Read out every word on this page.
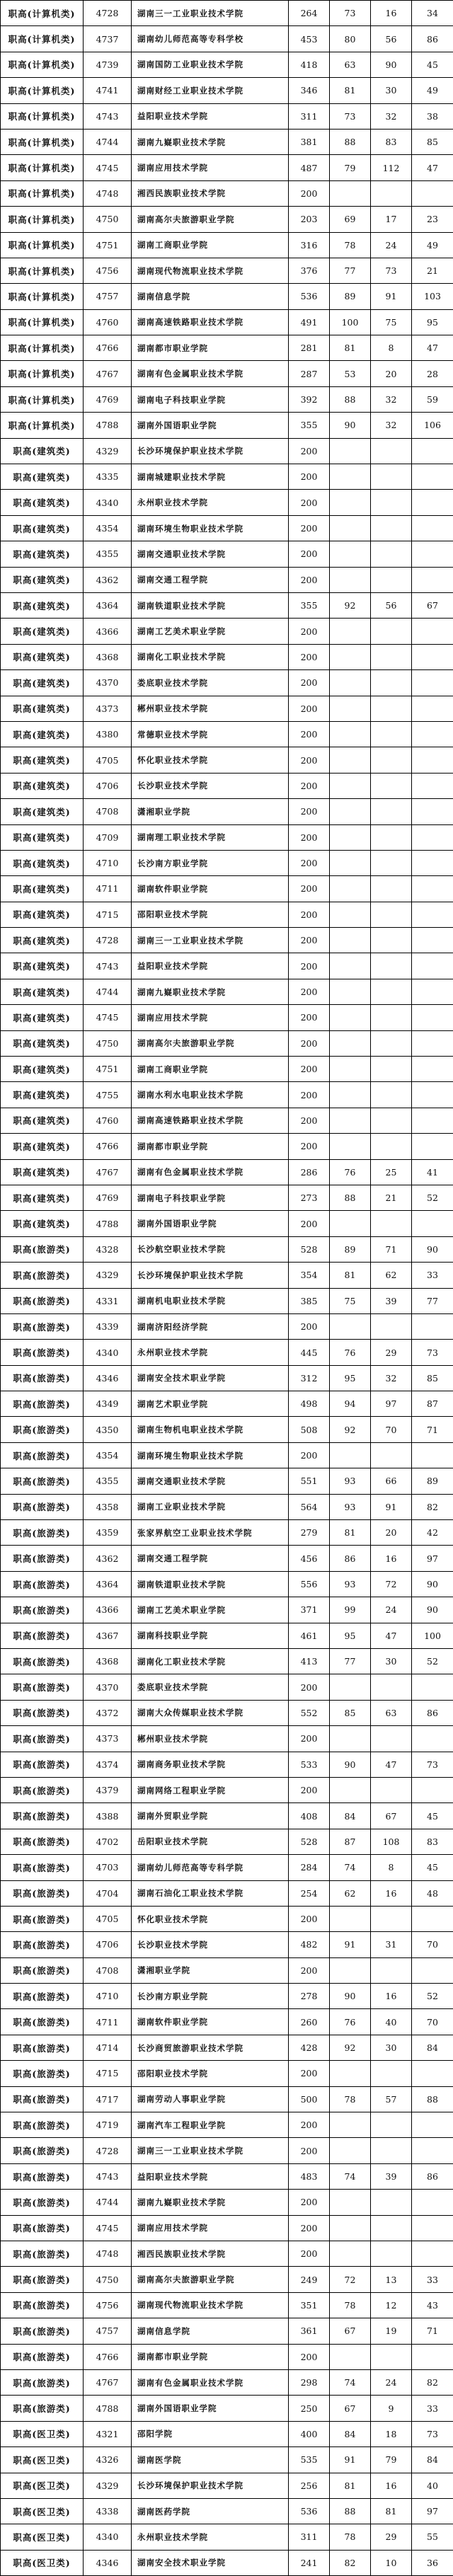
职高(计算机类)	4728	湖南三一工业职业技术学院	264	73	16	34
职高(计算机类)	4737	湖南幼儿师范高等专科学校	453	80	56	86
职高(计算机类)	4739	湖南国防工业职业技术学院	418	63	90	45
职高(计算机类)	4741	湖南财经工业职业技术学院	346	81	30	49
职高(计算机类)	4743	益阳职业技术学院	311	73	32	38
职高(计算机类)	4744	湖南九嶷职业技术学院	381	88	83	85
职高(计算机类)	4745	湖南应用技术学院	487	79	112	47
职高(计算机类)	4748	湘西民族职业技术学院	200			
职高(计算机类)	4750	湖南高尔夫旅游职业学院	203	69	17	23
职高(计算机类)	4751	湖南工商职业学院	316	78	24	49
职高(计算机类)	4756	湖南现代物流职业技术学院	376	77	73	21
职高(计算机类)	4757	湖南信息学院	536	89	91	103
职高(计算机类)	4760	湖南高速铁路职业技术学院	491	100	75	95
职高(计算机类)	4766	湖南都市职业学院	281	81	8	47
职高(计算机类)	4767	湖南有色金属职业技术学院	287	53	20	28
职高(计算机类)	4769	湖南电子科技职业学院	392	88	32	59
职高(计算机类)	4788	湖南外国语职业学院	355	90	32	106
职高(建筑类)	4329	长沙环境保护职业技术学院	200			
职高(建筑类)	4335	湖南城建职业技术学院	200			
职高(建筑类)	4340	永州职业技术学院	200			
职高(建筑类)	4354	湖南环境生物职业技术学院	200			
职高(建筑类)	4355	湖南交通职业技术学院	200			
职高(建筑类)	4362	湖南交通工程学院	200			
职高(建筑类)	4364	湖南铁道职业技术学院	355	92	56	67
职高(建筑类)	4366	湖南工艺美术职业学院	200			
职高(建筑类)	4368	湖南化工职业技术学院	200			
职高(建筑类)	4370	娄底职业技术学院	200			
职高(建筑类)	4373	郴州职业技术学院	200			
职高(建筑类)	4380	常德职业技术学院	200			
职高(建筑类)	4705	怀化职业技术学院	200			
职高(建筑类)	4706	长沙职业技术学院	200			
职高(建筑类)	4708	潇湘职业学院	200			
职高(建筑类)	4709	湖南理工职业技术学院	200			
职高(建筑类)	4710	长沙南方职业学院	200			
职高(建筑类)	4711	湖南软件职业学院	200			
职高(建筑类)	4715	邵阳职业技术学院	200			
职高(建筑类)	4728	湖南三一工业职业技术学院	200			
职高(建筑类)	4743	益阳职业技术学院	200			
职高(建筑类)	4744	湖南九嶷职业技术学院	200			
职高(建筑类)	4745	湖南应用技术学院	200			
职高(建筑类)	4750	湖南高尔夫旅游职业学院	200			
职高(建筑类)	4751	湖南工商职业学院	200			
职高(建筑类)	4755	湖南水利水电职业技术学院	200			
职高(建筑类)	4760	湖南高速铁路职业技术学院	200			
职高(建筑类)	4766	湖南都市职业学院	200			
职高(建筑类)	4767	湖南有色金属职业技术学院	286	76	25	41
职高(建筑类)	4769	湖南电子科技职业学院	273	88	21	52
职高(建筑类)	4788	湖南外国语职业学院	200			
职高(旅游类)	4328	长沙航空职业技术学院	528	89	71	90
职高(旅游类)	4329	长沙环境保护职业技术学院	354	81	62	33
职高(旅游类)	4331	湖南机电职业技术学院	385	75	39	77
职高(旅游类)	4339	湖南济阳经济学院	200			
职高(旅游类)	4340	永州职业技术学院	445	76	29	73
职高(旅游类)	4346	湖南安全技术职业学院	312	95	32	85
职高(旅游类)	4349	湖南艺术职业学院	498	94	97	87
职高(旅游类)	4350	湖南生物机电职业技术学院	508	92	70	71
职高(旅游类)	4354	湖南环境生物职业技术学院	200			
职高(旅游类)	4355	湖南交通职业技术学院	551	93	66	89
职高(旅游类)	4358	湖南工业职业技术学院	564	93	91	82
职高(旅游类)	4359	张家界航空工业职业技术学院	279	81	20	42
职高(旅游类)	4362	湖南交通工程学院	456	86	16	97
职高(旅游类)	4364	湖南铁道职业技术学院	556	93	72	90
职高(旅游类)	4366	湖南工艺美术职业学院	371	99	24	90
职高(旅游类)	4367	湖南科技职业学院	461	95	47	100
职高(旅游类)	4368	湖南化工职业技术学院	413	77	30	52
职高(旅游类)	4370	娄底职业技术学院	200			
职高(旅游类)	4372	湖南大众传媒职业技术学院	552	85	63	86
职高(旅游类)	4373	郴州职业技术学院	200			
职高(旅游类)	4374	湖南商务职业技术学院	533	90	47	73
职高(旅游类)	4379	湖南网络工程职业学院	200			
职高(旅游类)	4388	湖南外贸职业学院	408	84	67	45
职高(旅游类)	4702	岳阳职业技术学院	528	87	108	83
职高(旅游类)	4703	湖南幼儿师范高等专科学院	284	74	8	45
职高(旅游类)	4704	湖南石油化工职业技术学院	254	62	16	48
职高(旅游类)	4705	怀化职业技术学院	200			
职高(旅游类)	4706	长沙职业技术学院	482	91	31	70
职高(旅游类)	4708	潇湘职业学院	200			
职高(旅游类)	4710	长沙南方职业学院	278	90	16	52
职高(旅游类)	4711	湖南软件职业学院	260	76	40	70
职高(旅游类)	4714	长沙商贸旅游职业技术学院	428	92	30	84
职高(旅游类)	4715	邵阳职业技术学院	200			
职高(旅游类)	4717	湖南劳动人事职业学院	500	78	57	88
职高(旅游类)	4719	湖南汽车工程职业学院	200			
职高(旅游类)	4728	湖南三一工业职业技术学院	200			
职高(旅游类)	4743	益阳职业技术学院	483	74	39	86
职高(旅游类)	4744	湖南九嶷职业技术学院	200			
职高(旅游类)	4745	湖南应用技术学院	200			
职高(旅游类)	4748	湘西民族职业技术学院	200			
职高(旅游类)	4750	湖南高尔夫旅游职业学院	249	72	13	33
职高(旅游类)	4756	湖南现代物流职业技术学院	351	78	12	43
职高(旅游类)	4757	湖南信息学院	361	67	19	71
职高(旅游类)	4766	湖南都市职业学院	200			
职高(旅游类)	4767	湖南有色金属职业技术学院	298	74	24	82
职高(旅游类)	4788	湖南外国语职业学院	250	67	9	33
职高(医卫类)	4321	邵阳学院	400	84	18	73
职高(医卫类)	4326	湖南医学院	535	91	79	84
职高(医卫类)	4329	长沙环境保护职业技术学院	256	81	16	40
职高(医卫类)	4338	湖南医药学院	536	88	81	97
职高(医卫类)	4340	永州职业技术学院	311	78	29	55
职高(医卫类)	4346	湖南安全技术职业学院	241	82	10	36
